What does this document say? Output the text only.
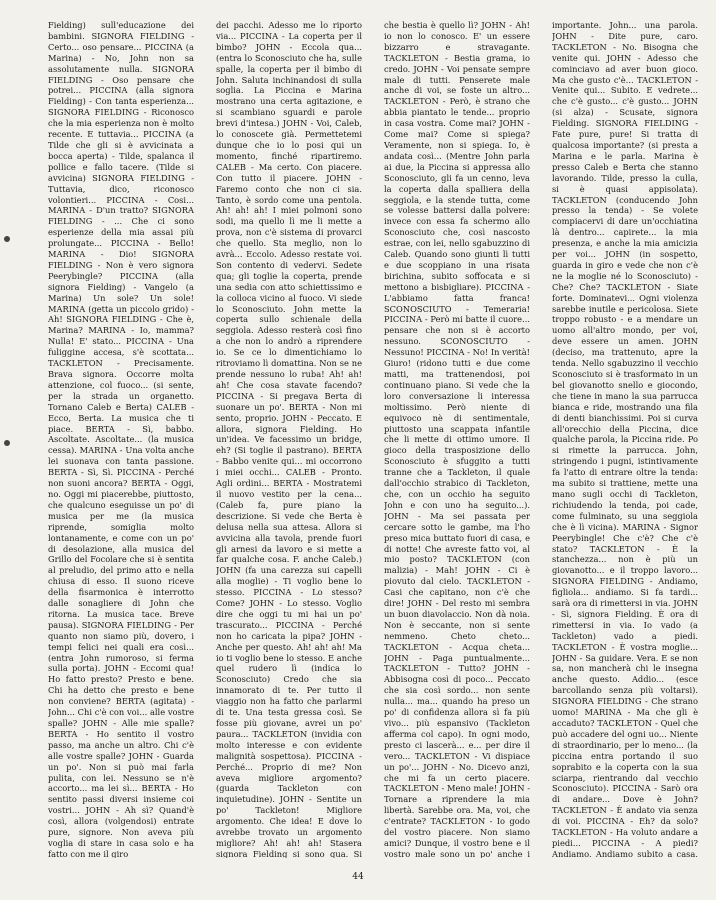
Fielding) sull'educazione dei bambini. SIGNORA FIELDING - Certo... oso pensare... PICCINA (a Marina) - No, John non sa assolutamente nulla. SIGNORA FIELDING - Oso pensare che potrei... PICCINA (alla signora Fielding) - Con tanta esperienza... SIGNORA FIELDING - Riconosco che la mia esperienza non è molto recente. E tuttavia... PICCINA (a Tilde che gli si è avvicinata a bocca aperta) - Tilde, spalanca il pollice e fallo tacere. (Tilde si avvicina) SIGNORA FIELDING - Tuttavia, dico, riconosco volontieri... PICCINA - Cosi... MARINA - D'un tratto? SIGNORA FIELDING - ... Che ci sono esperienze della mia assai più prolungate... PICCINA - Bello! MARINA - Dio! SIGNORA FIELDING - Non è vero signora Peerybingle? PICCINA (alla signora Fielding) - Vangelo (a Marina) Un sole? Un sole! MARINA (getta un piccolo grido) - Ah! SIGNORA FIELDING - Che è, Marina? MARINA - Io, mamma? Nulla! E' stato... PICCINA - Una fuliggine accesa, s'è scottata... TACKLETON - Precisamente. Brava signora. Occorre molta attenzione, col fuoco... (si sente, per la strada un organetto. Tornano Caleb e Berta) CALEB - Ecco, Berta. La musica che ti piace. BERTA - Sì, babbo. Ascoltate. Ascoltate... (la musica cessa). MARINA - Una volta anche lei suonava con tanta passione. BERTA - Sì, Sì. PICCINA - Perché non suoni ancora? BERTA - Oggi, no. Oggi mi piacerebbe, piuttosto, che qualcuno eseguisse un po' di musica per me (la musica riprende, somiglia molto lontanamente, e come con un po' di desolazione, alla musica del Grillo del Focolare che si è sentita al preludio, del primo atto e nella chiusa di esso. Il suono riceve della fisarmonica è interrotto dalle sonagliere di John che ritorna. La musica tace. Breve pausa). SIGNORA FIELDING - Per quanto non siamo più, dovero, i tempi felici nei quali era così... (entra John rumoroso, si ferma sulla porta). JOHN - Eccomi qua! Ho fatto presto? Presto e bene. Chi ha detto che presto e bene non conviene? BERTA (agitata) - John... Chi c'è con voi... alle vostre spalle? JOHN - Alle mie spalle? BERTA - Ho sentito il vostro passo, ma anche un altro. Chi c'è alle vostre spalle? JOHN - Guarda un po'. Non si può mai farla pulita, con lei. Nessuno se n'è accorto... ma lei sì... BERTA - Ho sentito passi diversi insieme coi vostri... JOHN - Ah sì? Quand'è così, allora (volgendosi) entrate pure, signore. Non aveva più voglia di stare in casa solo e ha fatto con me il giro

dei pacchi. Adesso me lo riporto via... PICCINA - La coperta per il bimbo? JOHN - Eccola qua... (entra lo Sconosciuto che ha, sulle spalle, la coperta per il bimbo di John. Saluta inchinandosi di sulla soglia. La Piccina e Marina mostrano una certa agitazione, e si scambiano sguardi e parole brevi d'intesa.) JOHN - Voi, Caleb, lo conoscete già. Permettetemi dunque che io lo posi qui un momento, finché ripartiremo. CALEB - Ma certo. Con piacere. Con tutto il piacere. JOHN - Faremo conto che non ci sia. Tanto, è sordo come una pentola. Ah! ah! ah! I miei polmoni sono sodi, ma quello lì me li mette a prova, non c'è sistema di provarci che quello. Sta meglio, non lo avrà... Eccolo. Adesso restate voi. Son contento di vedervi. Sedete qua; gli toglie la coperta, prende una sedia con atto schiettissimo e la colloca vicino al fuoco. Vi siede lo Sconosciuto. John mette la coperta sullo schienale della seggiola. Adesso resterà così fino a che non lo andrò a riprendere io. Se ce lo dimentichiamo lo ritroviamo lì domattina. Non se ne prende nessuno lo ruba! Ah! ah! ah! Che cosa stavate facendo? PICCINA - Si pregava Berta di suonare un po'. BERTA - Non mi sento, proprio. JOHN - Peccato. E allora, signora Fielding. Ho un'idea. Ve facessimo un bridge, eh? (Si toglie il pastrano). BERTA - Babbo venite qui... mi occorrono i miei occhi... CALEB - Pronto. Agli ordini... BERTA - Mostratemi il nuovo vestito per la cena... (Caleb fa, pure piano la descrizione. Si vede che Berta è delusa nella sua attesa. Allora si avvicina alla tavola, prende fuori gli arnesi da lavoro e si mette a far qualche cosa. F. anche Caleb.) JOHN (fa una carezza sui capelli alla moglie) - Ti voglio bene lo stesso. PICCINA - Lo stesso? Come? JOHN - Lo stesso. Voglio dire che oggi tu mi hai un po' trascurato... PICCINA - Perché non ho caricata la pipa? JOHN - Anche per questo. Ah! ah! ah! Ma io ti voglio bene lo stesso. E anche quel rudero lì (indica lo Sconosciuto) Credo che sia innamorato di te. Per tutto il viaggio non ha fatto che parlarmi di te. Una testa gressa così. Se fosse più giovane, avrei un po' paura... TACKLETON (invidia con molto interesse e con evidente malignità sospettosa). PICCINA - Perché... Proprio di me? Non aveva migliore argomento? (guarda Tackleton con inquietudine). JOHN - Sentite un po' Tackleton! Migliore argomento. Che idea! E dove lo avrebbe trovato un argomento migliore? Ah! ah! ah! Stasera signora Fielding si sono qua. Si

che bestia è quello lì? JOHN - Ah! io non lo conosco. E' un essere bizzarro e stravagante. TACKLETON - Bestia grama, io credo. JOHN - Voi pensate sempre male di tutti. Penserete male anche di voi, se foste un altro... TACKLETON - Però, è strano che abbia piantato le tende... proprio in casa vostra. Come mai? JOHN - Come mai? Come si spiega? Veramente, non si spiega. Io, è andata così... (Mentre John parla ai due, la Piccina si appressa allo Sconosciuto, gli fa un cenno, leva la coperta dalla spalliera della seggiola, e la stende tutta, come se volesse battersi dalla polvere: invece con essa fa schermo allo Sconosciuto che, così nascosto estrae, con lei, nello sgabuzzino di Caleb. Quando sono giunti lì tutti e due scoppiano in una risata birichina, subito soffocata e si mettono a bisbigliare). PICCINA - L'abbiamo fatta franca! SCONOSCIUTO - Temeraria! PICCINA - Però mi batte il cuore... pensare che non si è accorto nessuno. SCONOSCIUTO - Nessuno! PICCINA - No! In verità! Giuro! (ridono tutti e due come matti, ma trattenendosi, poi continuano piano. Si vede che la loro conversazione li interessa moltissimo. Però niente di equivoco nè di sentimentale, piuttosto una scappata infantile che li mette di ottimo umore. Il gioco della trasposizione dello Sconosciuto è sfuggito a tutti tranne che a Tackleton, il quale dall'occhio strabico di Tackleton, che, con un occhio ha seguito John e con uno ha seguito...). JOHN - Ma sei passata per cercare sotto le gambe, ma l'ho preso mica buttato fuori di casa, e di notte! Che avreste fatto voi, al mio posto? TACKLETON (con malizia) - Mah! JOHN - Ci è piovuto dal cielo. TACKLETON - Casi che capitano, non c'è che dire! JOHN - Del resto mi sembra un buon diavolaccio. Non dà noia. Non è seccante, non si sente nemmeno. Cheto cheto... TACKLETON - Acqua cheta... JOHN - Paga puntualmente... TACKLETON - Tutto? JOHN - Abbisogna così di poco... Peccato che sia così sordo... non sente nulla... ma... quando ha preso un po' di confidenza allora sì fa più vivo... più espansivo (Tackleton afferma col capo). In ogni modo, presto ci lascerà... e... per dire il vero... TACKLETON - Vi dispiace un po'... JOHN - No. Dicevo anzi, che mi fa un certo piacere. TACKLETON - Meno male! JOHN - Tornare a riprendere la mia libertà. Sarebbe ora. Ma, voi, che c'entrate? TACKLETON - Io godo del vostro piacere. Non siamo amici? Dunque, il vostro bene e il vostro male sono un po' anche i

importante. John... una parola. JOHN - Dite pure, caro. TACKLETON - No. Bisogna che venite qui. JOHN - Adesso che cominciavo ad aver buon gioco. Ma che gusto c'è... TACKLETON - Venite qui... Subito. E vedrete... che c'è gusto... c'è gusto... JOHN (si alza) - Scusate, signora Fielding. SIGNORA FIELDING - Fate pure, pure! Si tratta di qualcosa importante? (si presta a Marina e le parla. Marina è presso Caleb e Berta che stanno lavorando. Tilde, presso la culla, si è quasi appisolata). TACKLETON (conducendo John presso la tenda) - Se volete compiacervi di dare un'occhiatina là dentro... capirete... la mia presenza, e anche la mia amicizia per voi... JOHN (in sospetto, guarda in giro e vede che non c'è ne la moglie né lo Sconosciuto) - Che? Che? TACKLETON - Siate forte. Dominatevi... Ogni violenza sarebbe inutile e pericolosa. Siete troppo robusto - e a mendare un uomo all'altro mondo, per voi, deve essere un amen. JOHN (deciso, ma trattenuto, apre la tenda. Nello sgabuzzino il vecchio Sconosciuto si è trasformato in un bel giovanotto snello e giocondo, che tiene in mano la sua parrucca bianca e ride, mostrando una fila di denti bianchissimi. Poi si curva all'orecchio della Piccina, dice qualche parola, la Piccina ride. Po si rimette la parrucca. John, stringendo i pugni, istintivamente fa l'atto di entrare oltre la tenda: ma subito si trattiene, mette una mano sugli occhi di Tackleton, richiudendo la tenda, poi cade, come fulminato, su una seggiola che è lì vicina). MARINA - Signor Peerybingle! Che c'è? Che c'è stato? TACKLETON - È la stanchezza... non è più un giovanotto... e il troppo lavoro... SIGNORA FIELDING - Andiamo, figliola... andiamo. Si fa tardi... sarà ora di rimettersi in via. JOHN - Sì, signora Fielding. È ora di rimettersi in via. Io vado (a Tackleton) vado a piedi. TACKLETON - È vostra moglie... JOHN - Sa guidare. Vera. E se non sa, non mancherà chi le insegna anche questo. Addio... (esce barcollando senza più voltarsi). SIGNORA FIELDING - Che strano uomo! MARINA - Ma che gli è accaduto? TACKLETON - Quel che può accadere del ogni uo... Niente di straordinario, per lo meno... (la piccina entra portando il suo soprabito e la coperta con la sua sciarpa, rientrando dal vecchio Sconosciuto). PICCINA - Sarò ora di andare... Dove è John? TACKLETON - È andato via senza di voi. PICCINA - Eh? da solo? TACKLETON - Ha voluto andare a piedi... PICCINA - A piedi? Andiamo. Andiamo subito a casa.

44
